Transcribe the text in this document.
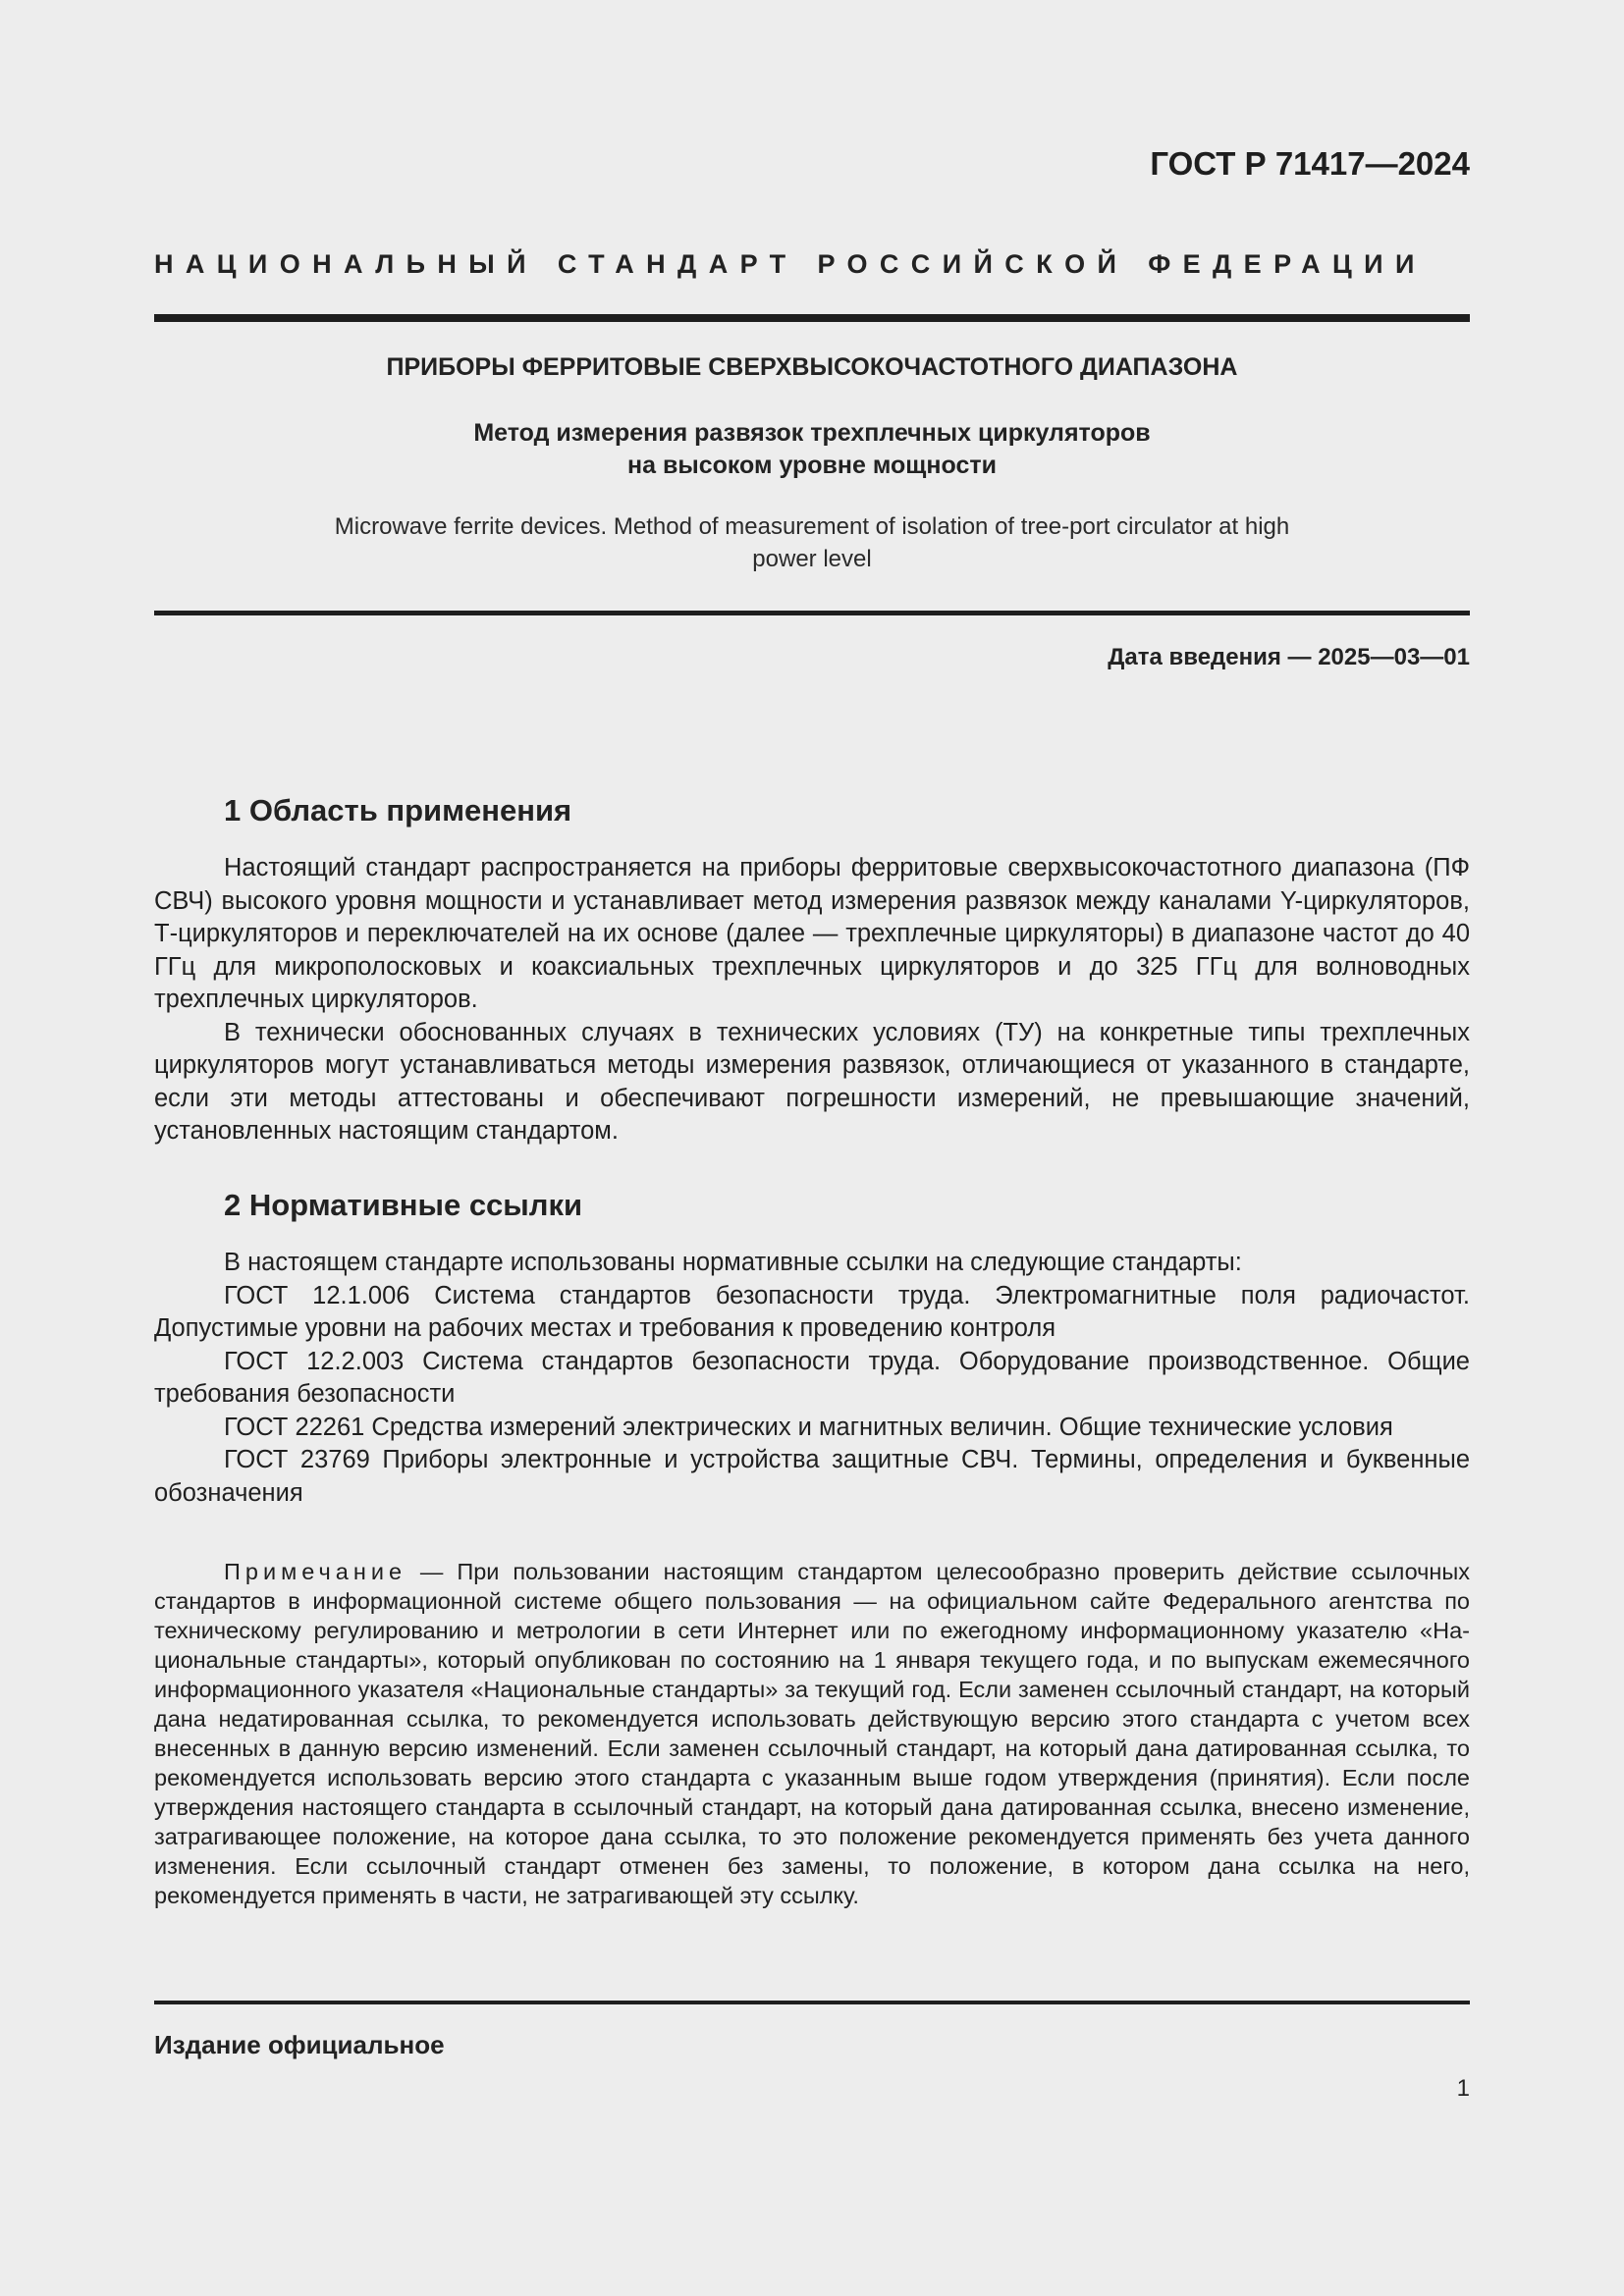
ГОСТ Р 71417—2024
НАЦИОНАЛЬНЫЙ СТАНДАРТ РОССИЙСКОЙ ФЕДЕРАЦИИ
ПРИБОРЫ ФЕРРИТОВЫЕ СВЕРХВЫСОКОЧАСТОТНОГО ДИАПАЗОНА
Метод измерения развязок трехплечных циркуляторов
на высоком уровне мощности
Microwave ferrite devices. Method of measurement of isolation of tree-port circulator at high
power level
Дата введения — 2025—03—01
1 Область применения

Настоящий стандарт распространяется на приборы ферритовые сверхвысокочастотного диапазона (ПФ СВЧ) высокого уровня мощности и устанавливает метод измерения развязок между каналами Y-циркуляторов, Т-циркуляторов и переключателей на их основе (далее — трехплечные циркуляторы) в диапазоне частот до 40 ГГц для микрополосковых и коаксиальных трехплечных циркуляторов и до 325 ГГц для волноводных трехплечных циркуляторов.

В технически обоснованных случаях в технических условиях (ТУ) на конкретные типы трехплечных циркуляторов могут устанавливаться методы измерения развязок, отличающиеся от указанного в стандарте, если эти методы аттестованы и обеспечивают погрешности измерений, не превышающие значений, установленных настоящим стандартом.

2 Нормативные ссылки

В настоящем стандарте использованы нормативные ссылки на следующие стандарты:

ГОСТ 12.1.006 Система стандартов безопасности труда. Электромагнитные поля радиочастот. Допустимые уровни на рабочих местах и требования к проведению контроля

ГОСТ 12.2.003 Система стандартов безопасности труда. Оборудование производственное. Общие требования безопасности

ГОСТ 22261 Средства измерений электрических и магнитных величин. Общие технические условия

ГОСТ 23769 Приборы электронные и устройства защитные СВЧ. Термины, определения и буквенные обозначения

Примечание — При пользовании настоящим стандартом целесообразно проверить действие ссылочных стандартов в информационной системе общего пользования — на официальном сайте Федерального агентства по техническому регулированию и метрологии в сети Интернет или по ежегодному информационному указателю «Национальные стандарты», который опубликован по состоянию на 1 января текущего года, и по выпускам ежемесячного информационного указателя «Национальные стандарты» за текущий год. Если заменен ссылочный стандарт, на который дана недатированная ссылка, то рекомендуется использовать действующую версию этого стандарта с учетом всех внесенных в данную версию изменений. Если заменен ссылочный стандарт, на который дана датированная ссылка, то рекомендуется использовать версию этого стандарта с указанным выше годом утверждения (принятия). Если после утверждения настоящего стандарта в ссылочный стандарт, на который дана датированная ссылка, внесено изменение, затрагивающее положение, на которое дана ссылка, то это положение рекомендуется применять без учета данного изменения. Если ссылочный стандарт отменен без замены, то положение, в котором дана ссылка на него, рекомендуется применять в части, не затрагивающей эту ссылку.
Издание официальное
1
